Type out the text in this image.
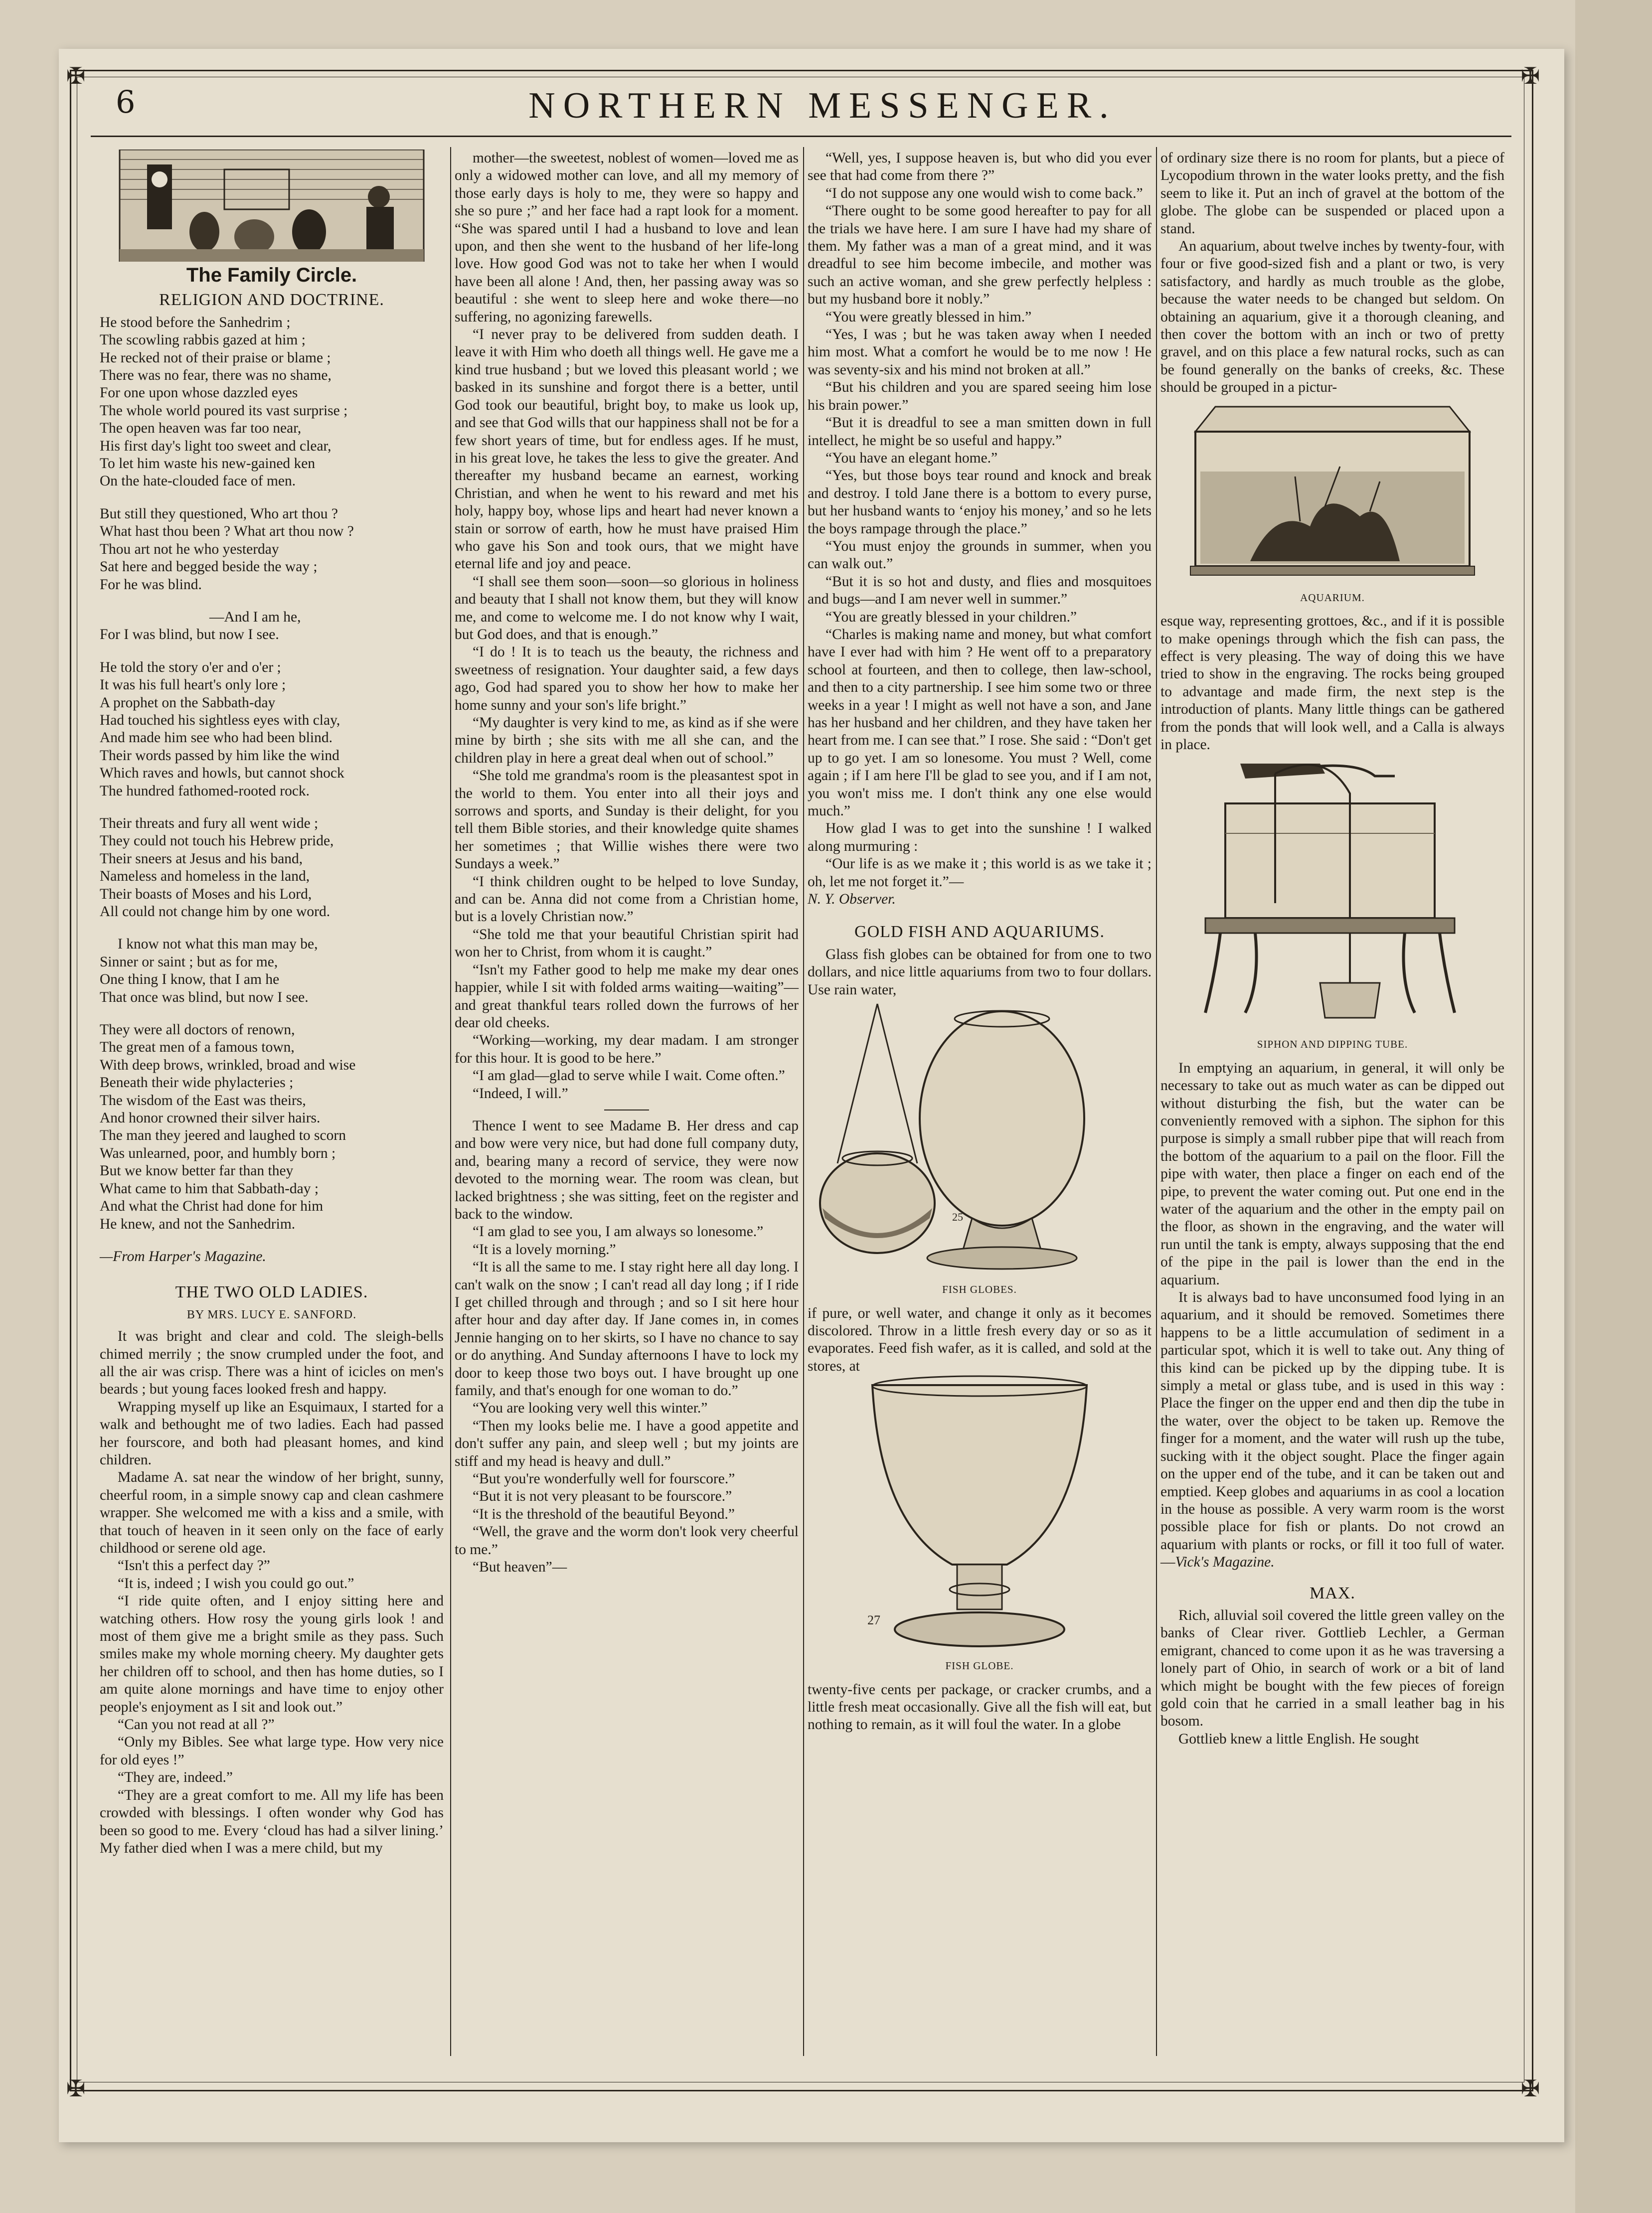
✠	✠
✠	✠
6	NORTHERN MESSENGER.
The Family Circle.
RELIGION AND DOCTRINE.
He stood before the Sanhedrim ;
The scowling rabbis gazed at him ;
He recked not of their praise or blame ;
There was no fear, there was no shame,
For one upon whose dazzled eyes
The whole world poured its vast surprise ;
The open heaven was far too near,
His first day's light too sweet and clear,
To let him waste his new-gained ken
On the hate-clouded face of men.
But still they questioned, Who art thou ?
What hast thou been ? What art thou now ?
Thou art not he who yesterday
Sat here and begged beside the way ;
For he was blind.
—And I am he,
For I was blind, but now I see.
He told the story o'er and o'er ;
It was his full heart's only lore ;
A prophet on the Sabbath-day
Had touched his sightless eyes with clay,
And made him see who had been blind.
Their words passed by him like the wind
Which raves and howls, but cannot shock
The hundred fathomed-rooted rock.
Their threats and fury all went wide ;
They could not touch his Hebrew pride,
Their sneers at Jesus and his band,
Nameless and homeless in the land,
Their boasts of Moses and his Lord,
All could not change him by one word.
I know not what this man may be,
Sinner or saint ; but as for me,
One thing I know, that I am he
That once was blind, but now I see.
They were all doctors of renown,
The great men of a famous town,
With deep brows, wrinkled, broad and wise
Beneath their wide phylacteries ;
The wisdom of the East was theirs,
And honor crowned their silver hairs.
The man they jeered and laughed to scorn
Was unlearned, poor, and humbly born ;
But we know better far than they
What came to him that Sabbath-day ;
And what the Christ had done for him
He knew, and not the Sanhedrim.
—From Harper's Magazine.
THE TWO OLD LADIES.
BY MRS. LUCY E. SANFORD.

It was bright and clear and cold. The sleigh-bells chimed merrily ; the snow crumpled under the foot, and all the air was crisp. There was a hint of icicles on men's beards ; but young faces looked fresh and happy.

Wrapping myself up like an Esquimaux, I started for a walk and bethought me of two ladies. Each had passed her fourscore, and both had pleasant homes, and kind children.

Madame A. sat near the window of her bright, sunny, cheerful room, in a simple snowy cap and clean cashmere wrapper. She welcomed me with a kiss and a smile, with that touch of heaven in it seen only on the face of early childhood or serene old age.

“Isn't this a perfect day ?”

“It is, indeed ; I wish you could go out.”

“I ride quite often, and I enjoy sitting here and watching others. How rosy the young girls look ! and most of them give me a bright smile as they pass. Such smiles make my whole morning cheery. My daughter gets her children off to school, and then has home duties, so I am quite alone mornings and have time to enjoy other people's enjoyment as I sit and look out.”

“Can you not read at all ?”

“Only my Bibles. See what large type. How very nice for old eyes !”

“They are, indeed.”

“They are a great comfort to me. All my life has been crowded with blessings. I often wonder why God has been so good to me. Every ‘cloud has had a silver lining.’ My father died when I was a mere child, but my

mother—the sweetest, noblest of women—loved me as only a widowed mother can love, and all my memory of those early days is holy to me, they were so happy and she so pure ;” and her face had a rapt look for a moment. “She was spared until I had a husband to love and lean upon, and then she went to the husband of her life-long love. How good God was not to take her when I would have been all alone ! And, then, her passing away was so beautiful : she went to sleep here and woke there—no suffering, no agonizing farewells.

“I never pray to be delivered from sudden death. I leave it with Him who doeth all things well. He gave me a kind true husband ; but we loved this pleasant world ; we basked in its sunshine and forgot there is a better, until God took our beautiful, bright boy, to make us look up, and see that God wills that our happiness shall not be for a few short years of time, but for endless ages. If he must, in his great love, he takes the less to give the greater. And thereafter my husband became an earnest, working Christian, and when he went to his reward and met his holy, happy boy, whose lips and heart had never known a stain or sorrow of earth, how he must have praised Him who gave his Son and took ours, that we might have eternal life and joy and peace.

“I shall see them soon—soon—so glorious in holiness and beauty that I shall not know them, but they will know me, and come to welcome me. I do not know why I wait, but God does, and that is enough.”

“I do ! It is to teach us the beauty, the richness and sweetness of resignation. Your daughter said, a few days ago, God had spared you to show her how to make her home sunny and your son's life bright.”

“My daughter is very kind to me, as kind as if she were mine by birth ; she sits with me all she can, and the children play in here a great deal when out of school.”

“She told me grandma's room is the pleasantest spot in the world to them. You enter into all their joys and sorrows and sports, and Sunday is their delight, for you tell them Bible stories, and their knowledge quite shames her sometimes ; that Willie wishes there were two Sundays a week.”

“I think children ought to be helped to love Sunday, and can be. Anna did not come from a Christian home, but is a lovely Christian now.”

“She told me that your beautiful Christian spirit had won her to Christ, from whom it is caught.”

“Isn't my Father good to help me make my dear ones happier, while I sit with folded arms waiting—waiting”—and great thankful tears rolled down the furrows of her dear old cheeks.

“Working—working, my dear madam. I am stronger for this hour. It is good to be here.”

“I am glad—glad to serve while I wait. Come often.”

“Indeed, I will.”

Thence I went to see Madame B. Her dress and cap and bow were very nice, but had done full company duty, and, bearing many a record of service, they were now devoted to the morning wear. The room was clean, but lacked brightness ; she was sitting, feet on the register and back to the window.

“I am glad to see you, I am always so lonesome.”

“It is a lovely morning.”

“It is all the same to me. I stay right here all day long. I can't walk on the snow ; I can't read all day long ; if I ride I get chilled through and through ; and so I sit here hour after hour and day after day. If Jane comes in, in comes Jennie hanging on to her skirts, so I have no chance to say or do anything. And Sunday afternoons I have to lock my door to keep those two boys out. I have brought up one family, and that's enough for one woman to do.”

“You are looking very well this winter.”

“Then my looks belie me. I have a good appetite and don't suffer any pain, and sleep well ; but my joints are stiff and my head is heavy and dull.”

“But you're wonderfully well for fourscore.”

“But it is not very pleasant to be fourscore.”

“It is the threshold of the beautiful Beyond.”

“Well, the grave and the worm don't look very cheerful to me.”

“But heaven”—

“Well, yes, I suppose heaven is, but who did you ever see that had come from there ?”

“I do not suppose any one would wish to come back.”

“There ought to be some good hereafter to pay for all the trials we have here. I am sure I have had my share of them. My father was a man of a great mind, and it was dreadful to see him become imbecile, and mother was such an active woman, and she grew perfectly helpless : but my husband bore it nobly.”

“You were greatly blessed in him.”

“Yes, I was ; but he was taken away when I needed him most. What a comfort he would be to me now ! He was seventy-six and his mind not broken at all.”

“But his children and you are spared seeing him lose his brain power.”

“But it is dreadful to see a man smitten down in full intellect, he might be so useful and happy.”

“You have an elegant home.”

“Yes, but those boys tear round and knock and break and destroy. I told Jane there is a bottom to every purse, but her husband wants to ‘enjoy his money,’ and so he lets the boys rampage through the place.”

“You must enjoy the grounds in summer, when you can walk out.”

“But it is so hot and dusty, and flies and mosquitoes and bugs—and I am never well in summer.”

“You are greatly blessed in your children.”

“Charles is making name and money, but what comfort have I ever had with him ? He went off to a preparatory school at fourteen, and then to college, then law-school, and then to a city partnership. I see him some two or three weeks in a year ! I might as well not have a son, and Jane has her husband and her children, and they have taken her heart from me. I can see that.” I rose. She said : “Don't get up to go yet. I am so lonesome. You must ? Well, come again ; if I am here I'll be glad to see you, and if I am not, you won't miss me. I don't think any one else would much.”

How glad I was to get into the sunshine ! I walked along murmuring :

“Our life is as we make it ; this world is as we take it ; oh, let me not forget it.”—

N. Y. Observer.

GOLD FISH AND AQUARIUMS.

Glass fish globes can be obtained for from one to two dollars, and nice little aquariums from two to four dollars. Use rain water,

25
FISH GLOBES.

if pure, or well water, and change it only as it becomes discolored. Throw in a little fresh every day or so as it evaporates. Feed fish wafer, as it is called, and sold at the stores, at

27
FISH GLOBE.

twenty-five cents per package, or cracker crumbs, and a little fresh meat occasionally. Give all the fish will eat, but nothing to remain, as it will foul the water. In a globe

of ordinary size there is no room for plants, but a piece of Lycopodium thrown in the water looks pretty, and the fish seem to like it. Put an inch of gravel at the bottom of the globe. The globe can be suspended or placed upon a stand.

An aquarium, about twelve inches by twenty-four, with four or five good-sized fish and a plant or two, is very satisfactory, and hardly as much trouble as the globe, because the water needs to be changed but seldom. On obtaining an aquarium, give it a thorough cleaning, and then cover the bottom with an inch or two of pretty gravel, and on this place a few natural rocks, such as can be found generally on the banks of creeks, &c. These should be grouped in a pictur-

AQUARIUM.

esque way, representing grottoes, &c., and if it is possible to make openings through which the fish can pass, the effect is very pleasing. The way of doing this we have tried to show in the engraving. The rocks being grouped to advantage and made firm, the next step is the introduction of plants. Many little things can be gathered from the ponds that will look well, and a Calla is always in place.

SIPHON AND DIPPING TUBE.

In emptying an aquarium, in general, it will only be necessary to take out as much water as can be dipped out without disturbing the fish, but the water can be conveniently removed with a siphon. The siphon for this purpose is simply a small rubber pipe that will reach from the bottom of the aquarium to a pail on the floor. Fill the pipe with water, then place a finger on each end of the pipe, to prevent the water coming out. Put one end in the water of the aquarium and the other in the empty pail on the floor, as shown in the engraving, and the water will run until the tank is empty, always supposing that the end of the pipe in the pail is lower than the end in the aquarium.

It is always bad to have unconsumed food lying in an aquarium, and it should be removed. Sometimes there happens to be a little accumulation of sediment in a particular spot, which it is well to take out. Any thing of this kind can be picked up by the dipping tube. It is simply a metal or glass tube, and is used in this way : Place the finger on the upper end and then dip the tube in the water, over the object to be taken up. Remove the finger for a moment, and the water will rush up the tube, sucking with it the object sought. Place the finger again on the upper end of the tube, and it can be taken out and emptied. Keep globes and aquariums in as cool a location in the house as possible. A very warm room is the worst possible place for fish or plants. Do not crowd an aquarium with plants or rocks, or fill it too full of water.—Vick's Magazine.

MAX.

Rich, alluvial soil covered the little green valley on the banks of Clear river. Gottlieb Lechler, a German emigrant, chanced to come upon it as he was traversing a lonely part of Ohio, in search of work or a bit of land which might be bought with the few pieces of foreign gold coin that he carried in a small leather bag in his bosom.

Gottlieb knew a little English. He sought
